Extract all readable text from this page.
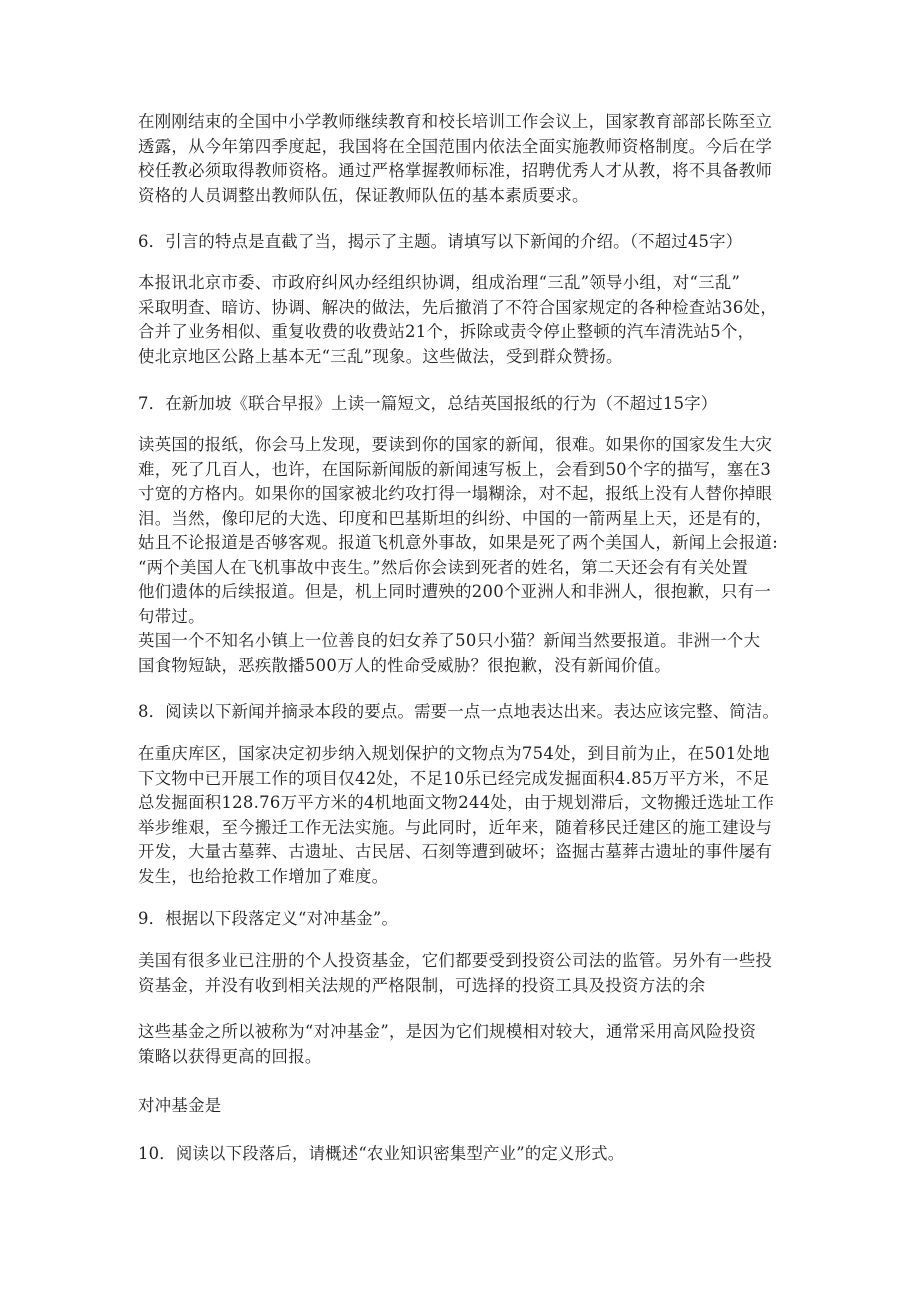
在刚刚结束的全国中小学教师继续教育和校长培训工作会议上，国家教育部部长陈至立
透露，从今年第四季度起，我国将在全国范围内依法全面实施教师资格制度。今后在学
校任教必须取得教师资格。通过严格掌握教师标准，招聘优秀人才从教，将不具备教师
资格的人员调整出教师队伍，保证教师队伍的基本素质要求。
6．引言的特点是直截了当，揭示了主题。请填写以下新闻的介绍。（不超过45字）
本报讯北京市委、市政府纠风办经组织协调，组成治理“三乱”领导小组，对“三乱”
采取明查、暗访、协调、解决的做法，先后撤消了不符合国家规定的各种检查站36处，
合并了业务相似、重复收费的收费站21个，拆除或责令停止整顿的汽车清洗站5个，
使北京地区公路上基本无“三乱”现象。这些做法，受到群众赞扬。
7．在新加坡《联合早报》上读一篇短文，总结英国报纸的行为（不超过15字）
读英国的报纸，你会马上发现，要读到你的国家的新闻，很难。如果你的国家发生大灾
难，死了几百人，也许，在国际新闻版的新闻速写板上，会看到50个字的描写，塞在3
寸宽的方格内。如果你的国家被北约攻打得一塌糊涂，对不起，报纸上没有人替你掉眼
泪。当然，像印尼的大选、印度和巴基斯坦的纠纷、中国的一箭两星上天，还是有的，
姑且不论报道是否够客观。报道飞机意外事故，如果是死了两个美国人，新闻上会报道:
“两个美国人在飞机事故中丧生。”然后你会读到死者的姓名，第二天还会有有关处置
他们遗体的后续报道。但是，机上同时遭殃的200个亚洲人和非洲人，很抱歉，只有一
句带过。
英国一个不知名小镇上一位善良的妇女养了50只小猫？新闻当然要报道。非洲一个大
国食物短缺，恶疾散播500万人的性命受威胁？很抱歉，没有新闻价值。
8．阅读以下新闻并摘录本段的要点。需要一点一点地表达出来。表达应该完整、简洁。
在重庆库区，国家决定初步纳入规划保护的文物点为754处，到目前为止，在501处地
下文物中已开展工作的项目仅42处，不足10乐已经完成发掘面积4.85万平方米，不足
总发掘面积128.76万平方米的4机地面文物244处，由于规划滞后，文物搬迁选址工作
举步维艰，至今搬迁工作无法实施。与此同时，近年来，随着移民迁建区的施工建设与
开发，大量古墓葬、古遗址、古民居、石刻等遭到破坏；盗掘古墓葬古遗址的事件屡有
发生，也给抢救工作增加了难度。
9．根据以下段落定义“对冲基金”。
美国有很多业已注册的个人投资基金，它们都要受到投资公司法的监管。另外有一些投
资基金，并没有收到相关法规的严格限制，可选择的投资工具及投资方法的余
这些基金之所以被称为“对冲基金”，是因为它们规模相对较大，通常采用高风险投资
策略以获得更高的回报。
对冲基金是
10．阅读以下段落后，请概述“农业知识密集型产业”的定义形式。
